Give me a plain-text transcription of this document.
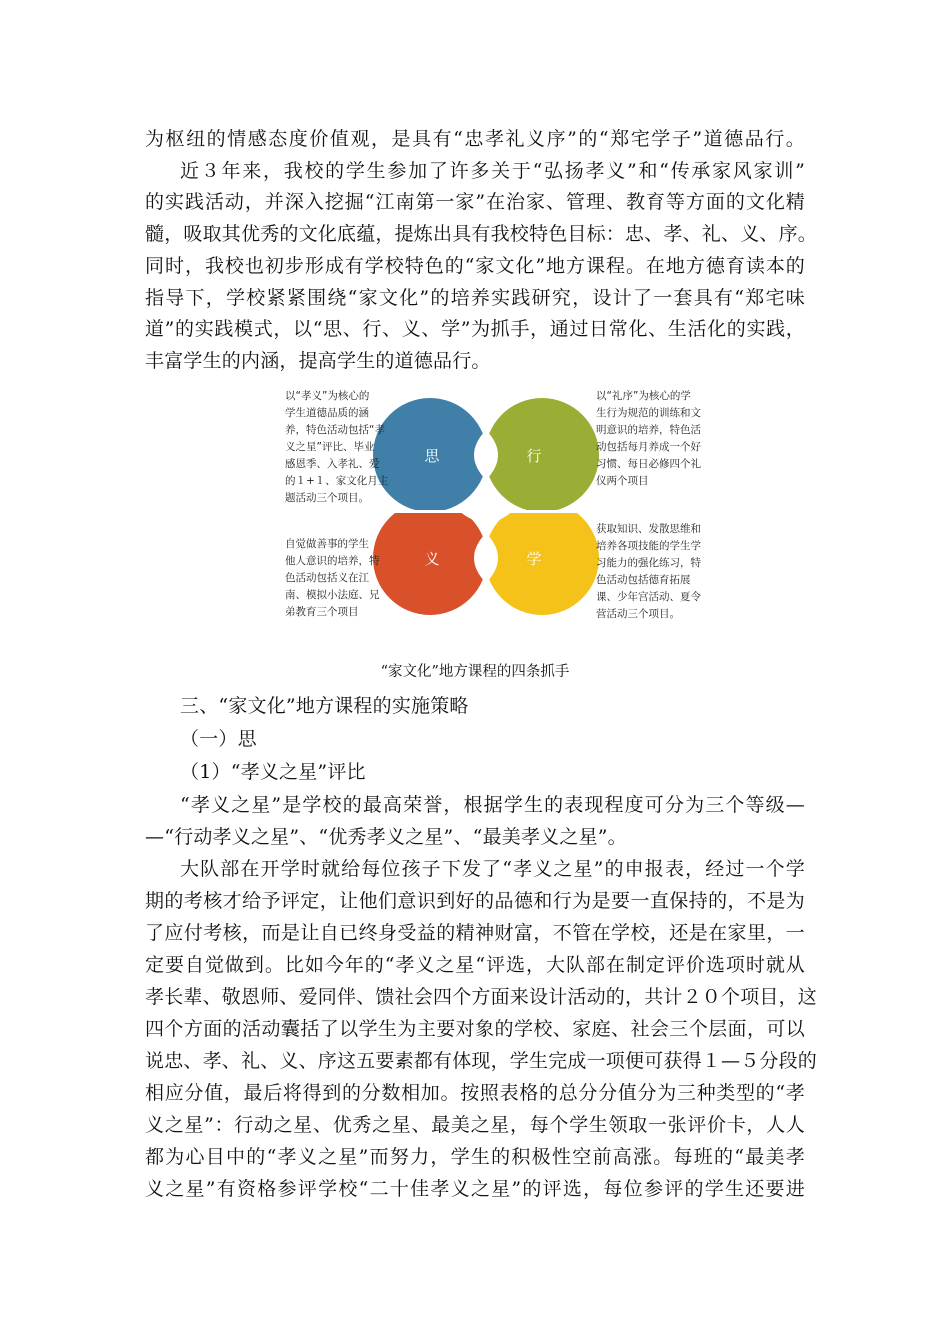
为枢纽的情感态度价值观，是具有“忠孝礼义序”的“郑宅学子”道德品行。
近３年来，我校的学生参加了许多关于“弘扬孝义”和“传承家风家训”
的实践活动，并深入挖掘“江南第一家”在治家、管理、教育等方面的文化精
髓，吸取其优秀的文化底蕴，提炼出具有我校特色目标：忠、孝、礼、义、序。
同时，我校也初步形成有学校特色的“家文化”地方课程。在地方德育读本的
指导下，学校紧紧围绕“家文化”的培养实践研究，设计了一套具有“郑宅味
道”的实践模式，以“思、行、义、学”为抓手，通过日常化、生活化的实践，
丰富学生的内涵，提高学生的道德品行。
思	行
义	学
以“孝义”为核心的
学生道德品质的涵
养，特色活动包括“孝
义之星”评比、毕业
感恩季、入孝礼、爱
的１+１、家文化月主
题活动三个项目。
以“礼序”为核心的学
生行为规范的训练和文
明意识的培养，特色活
动包括每月养成一个好
习惯、每日必修四个礼
仪两个项目
自觉做善事的学生
他人意识的培养，特
色活动包括义在江
南、模拟小法庭、兄
弟教育三个项目
获取知识、发散思维和
培养各项技能的学生学
习能力的强化练习，特
色活动包括德育拓展
课、少年宫活动、夏令
营活动三个项目。
“家文化”地方课程的四条抓手
三、“家文化”地方课程的实施策略
（一）思
（1）“孝义之星”评比
“孝义之星”是学校的最高荣誉，根据学生的表现程度可分为三个等级—
—“行动孝义之星”、“优秀孝义之星”、“最美孝义之星”。
大队部在开学时就给每位孩子下发了“孝义之星”的申报表，经过一个学
期的考核才给予评定，让他们意识到好的品德和行为是要一直保持的，不是为
了应付考核，而是让自已终身受益的精神财富，不管在学校，还是在家里，一
定要自觉做到。比如今年的“孝义之星“评选，大队部在制定评价选项时就从
孝长辈、敬恩师、爱同伴、馈社会四个方面来设计活动的，共计２０个项目，这
四个方面的活动囊括了以学生为主要对象的学校、家庭、社会三个层面，可以
说忠、孝、礼、义、序这五要素都有体现，学生完成一项便可获得１—５分段的
相应分值，最后将得到的分数相加。按照表格的总分分值分为三种类型的“孝
义之星”：行动之星、优秀之星、最美之星，每个学生领取一张评价卡，人人
都为心目中的“孝义之星”而努力，学生的积极性空前高涨。每班的“最美孝
义之星”有资格参评学校“二十佳孝义之星”的评选，每位参评的学生还要进
